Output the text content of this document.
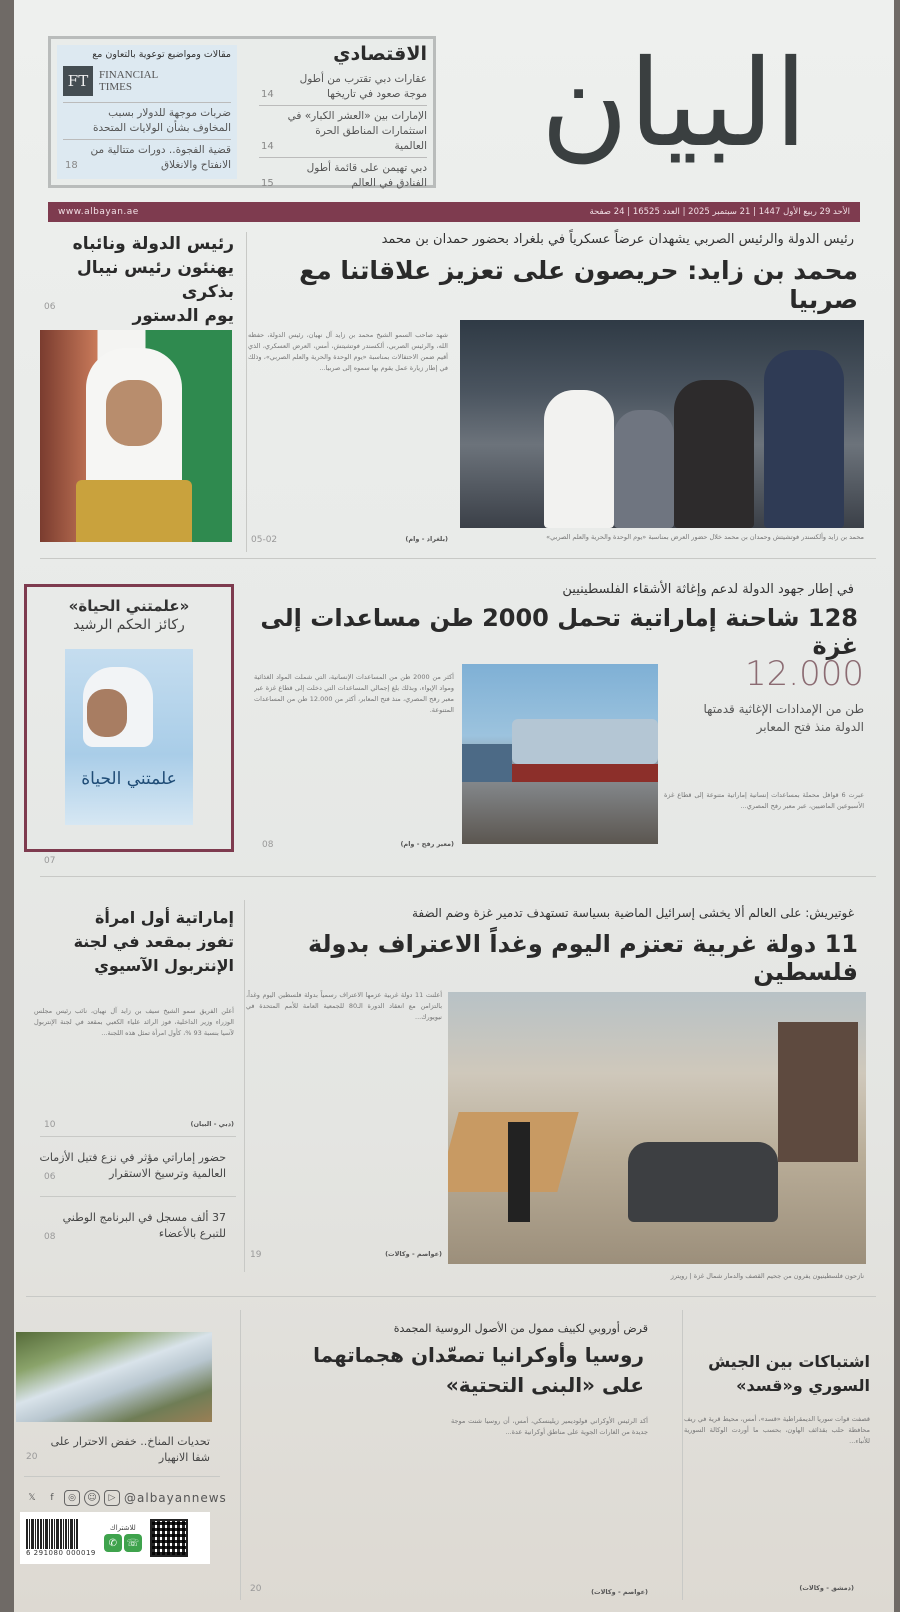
البيان
الاقتصادي
عقارات دبي تقترب من أطول موجة صعود في تاريخها
14
الإمارات بين «العشر الكبار» في استثمارات المناطق الحرة العالمية
14
دبي تهيمن على قائمة أطول الفنادق في العالم
15
مقالات ومواضيع توعوية بالتعاون مع
FT FINANCIAL
TIMES
ضربات موجهة للدولار بسبب المخاوف بشأن الولايات المتحدة
قضية الفجوة.. دورات متتالية من الانفتاح والانغلاق
18
الأحد 29 ربيع الأول 1447 | 21 سبتمبر 2025 | العدد 16525 | 24 صفحة
www.albayan.ae
رئيس الدولة والرئيس الصربي يشهدان عرضاً عسكرياً في بلغراد بحضور حمدان بن محمد
محمد بن زايد: حريصون على تعزيز علاقاتنا مع صربيا
محمد بن زايد وألكسندر فوتشيتش وحمدان بن محمد خلال حضور العرض بمناسبة «يوم الوحدة والحرية والعلم الصربي»
شهد صاحب السمو الشيخ محمد بن زايد آل نهيان، رئيس الدولة، حفظه الله، والرئيس الصربي، ألكسندر فوتشيتش، أمس، العرض العسكري، الذي أقيم ضمن الاحتفالات بمناسبة «يوم الوحدة والحرية والعلم الصربي»، وذلك في إطار زيارة عمل يقوم بها سموه إلى صربيا...
(بلغراد - وام)
05-02
رئيس الدولة ونائباه
يهنئون رئيس نيبال بذكرى
يوم الدستور
06
في إطار جهود الدولة لدعم وإغاثة الأشقاء الفلسطينيين
128 شاحنة إماراتية تحمل 2000 طن مساعدات إلى غزة
12.000
طن من الإمدادات الإغاثية قدمتها الدولة منذ فتح المعابر
عبرت 6 قوافل محملة بمساعدات إنسانية إماراتية متنوعة إلى قطاع غزة الأسبوعين الماضيين، عبر معبر رفح المصري...
أكثر من 2000 طن من المساعدات الإنسانية، التي شملت المواد الغذائية ومواد الإيواء، وبذلك بلغ إجمالي المساعدات التي دخلت إلى قطاع غزة عبر معبر رفح المصري، منذ فتح المعابر، أكثر من 12.000 طن من المساعدات المتنوعة.
(معبر رفح - وام)
08
«علمتني الحياة»
ركائز الحكم الرشيد
علمتني الحياة
07
غوتيريش: على العالم ألا يخشى إسرائيل الماضية بسياسة تستهدف تدمير غزة وضم الضفة
11 دولة غربية تعتزم اليوم وغداً الاعتراف بدولة فلسطين
نازحون فلسطينيون يفرون من جحيم القصف والدمار شمال غزة | رويترز
أعلنت 11 دولة غربية عزمها الاعتراف رسمياً بدولة فلسطين اليوم وغداً، بالتزامن مع انعقاد الدورة الـ80 للجمعية العامة للأمم المتحدة في نيويورك...
(عواصم - وكالات)
19
إماراتية أول امرأة
تفوز بمقعد في لجنة
الإنتربول الآسيوي
أعلن الفريق سمو الشيخ سيف بن زايد آل نهيان، نائب رئيس مجلس الوزراء وزير الداخلية، فوز الرائد علياء الكعبي بمقعد في لجنة الإنتربول لآسيا بنسبة 93 %، كأول امرأة تمثل هذه اللجنة...
(دبي - البيان)
10
حضور إماراتي مؤثر في نزع فتيل الأزمات العالمية وترسيخ الاستقرار
06
37 ألف مسجل في البرنامج الوطني للتبرع بالأعضاء
08
قرض أوروبي لكييف ممول من الأصول الروسية المجمدة
روسيا وأوكرانيا تصعّدان هجماتهما
على «البنى التحتية»
أكد الرئيس الأوكراني فولوديمير زيلينسكي، أمس، أن روسيا شنت موجة جديدة من الغارات الجوية على مناطق أوكرانية عدة...
(عواصم - وكالات)
20
اشتباكات بين الجيش
السوري و«قسد»
قصفت قوات سوريا الديمقراطية «قسد»، أمس، محيط قرية في ريف محافظة حلب بقذائف الهاون، بحسب ما أوردت الوكالة السورية للأنباء...
(دمشق - وكالات)
تحديات المناخ.. خفض الاحترار على شفا الانهيار
20
𝕏	f	◎	☺	▷ @albayannews
6 291080 000019
للاشتراك
✆ ☏
